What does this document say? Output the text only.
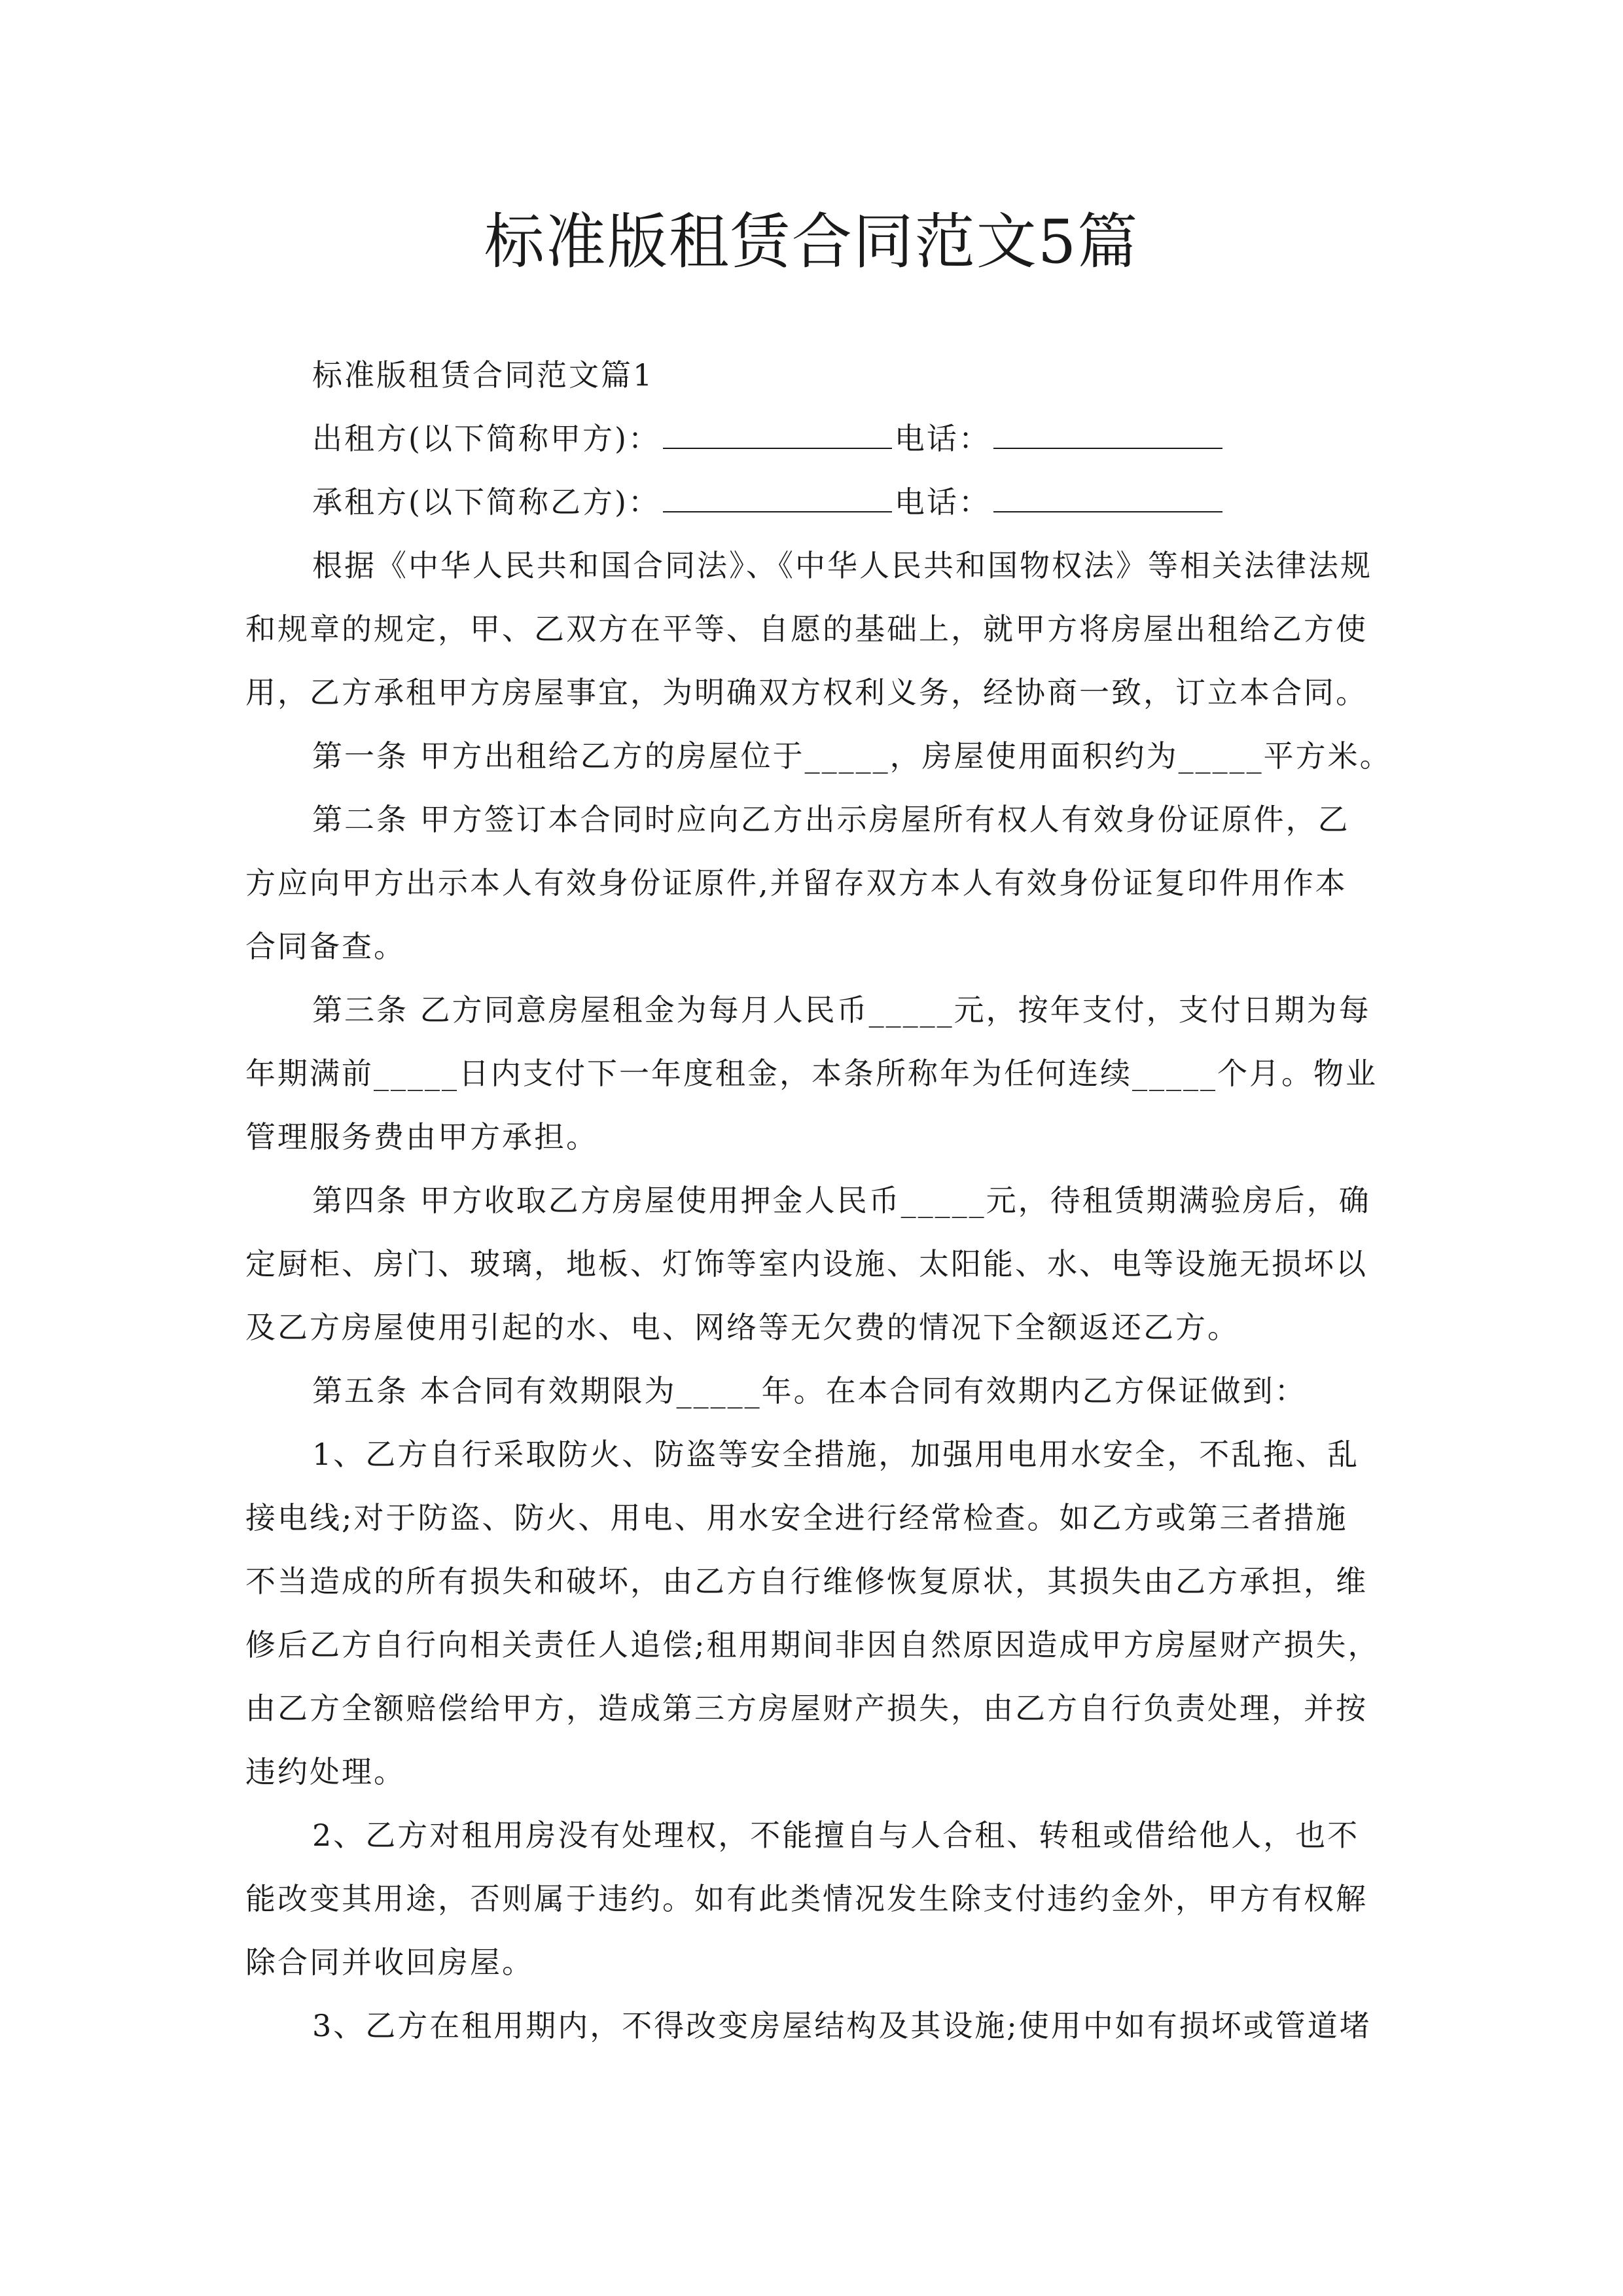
标准版租赁合同范文5篇
标准版租赁合同范文篇1
出租方(以下简称甲方)：	电话：
承租方(以下简称乙方)：	电话：
根据《中华人民共和国合同法》、《中华人民共和国物权法》等相关法律法规
和规章的规定，甲、乙双方在平等、自愿的基础上，就甲方将房屋出租给乙方使
用，乙方承租甲方房屋事宜，为明确双方权利义务，经协商一致，订立本合同。
第一条 甲方出租给乙方的房屋位于_____，房屋使用面积约为_____平方米。
第二条 甲方签订本合同时应向乙方出示房屋所有权人有效身份证原件，乙
方应向甲方出示本人有效身份证原件,并留存双方本人有效身份证复印件用作本
合同备查。
第三条 乙方同意房屋租金为每月人民币_____元，按年支付，支付日期为每
年期满前_____日内支付下一年度租金，本条所称年为任何连续_____个月。物业
管理服务费由甲方承担。
第四条 甲方收取乙方房屋使用押金人民币_____元，待租赁期满验房后，确
定厨柜、房门、玻璃，地板、灯饰等室内设施、太阳能、水、电等设施无损坏以
及乙方房屋使用引起的水、电、网络等无欠费的情况下全额返还乙方。
第五条 本合同有效期限为_____年。在本合同有效期内乙方保证做到：
1、乙方自行采取防火、防盗等安全措施，加强用电用水安全，不乱拖、乱
接电线;对于防盗、防火、用电、用水安全进行经常检查。如乙方或第三者措施
不当造成的所有损失和破坏，由乙方自行维修恢复原状，其损失由乙方承担，维
修后乙方自行向相关责任人追偿;租用期间非因自然原因造成甲方房屋财产损失，
由乙方全额赔偿给甲方，造成第三方房屋财产损失，由乙方自行负责处理，并按
违约处理。
2、乙方对租用房没有处理权，不能擅自与人合租、转租或借给他人，也不
能改变其用途，否则属于违约。如有此类情况发生除支付违约金外，甲方有权解
除合同并收回房屋。
3、乙方在租用期内，不得改变房屋结构及其设施;使用中如有损坏或管道堵
